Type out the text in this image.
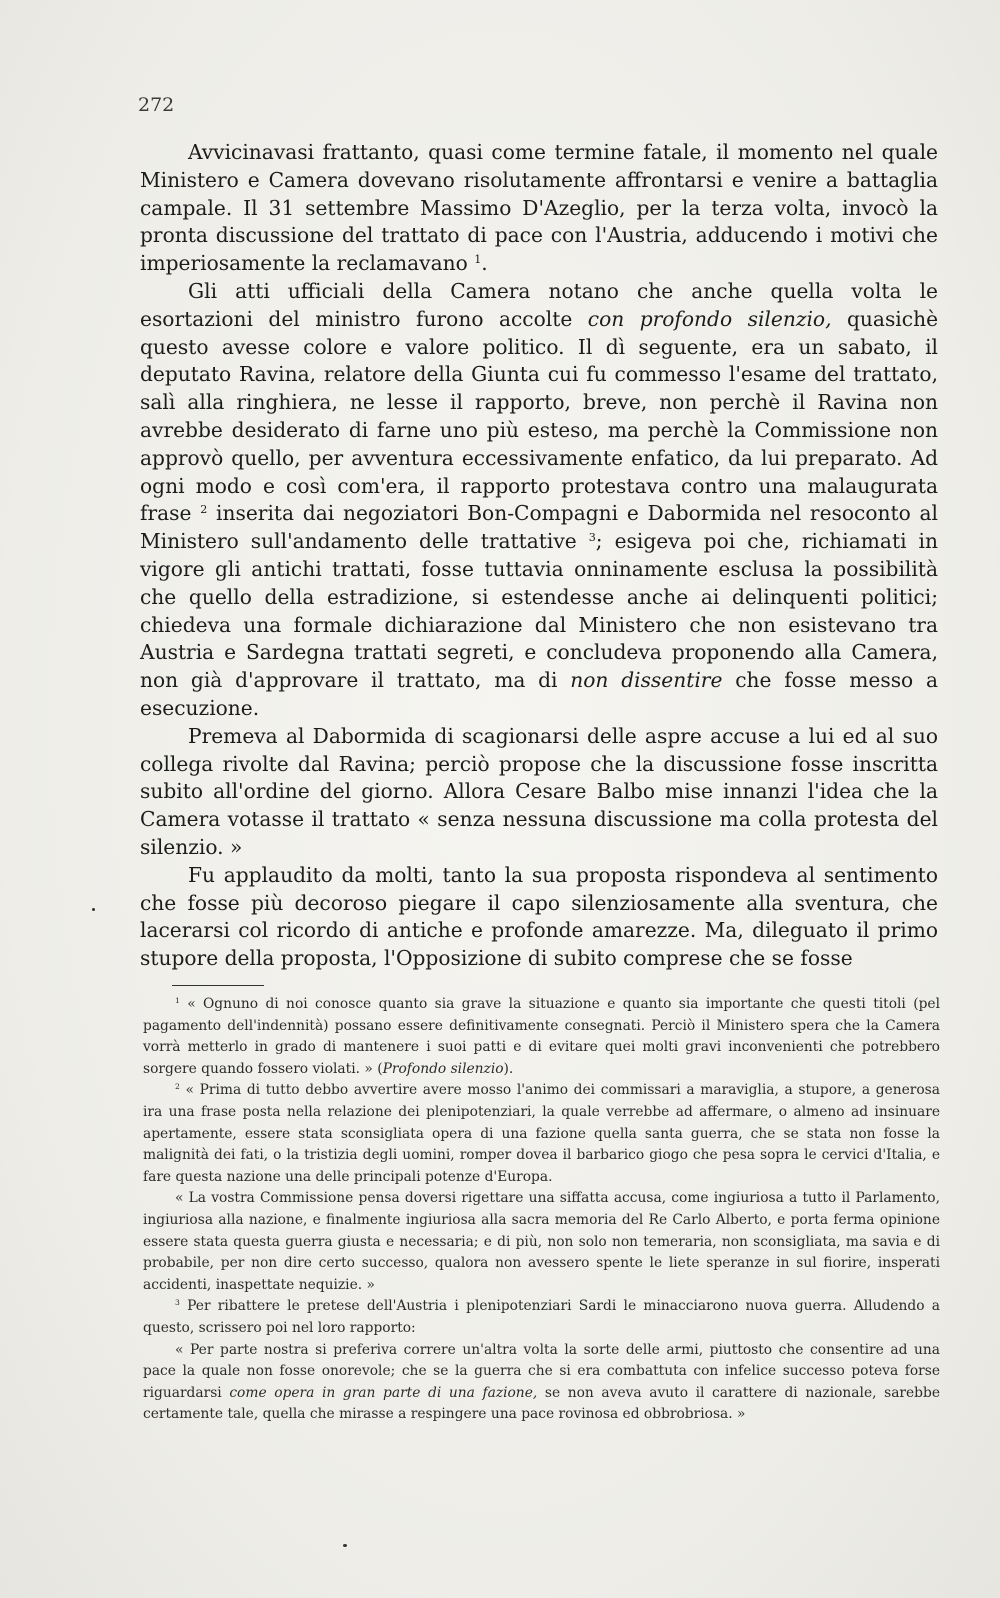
272

Avvicinavasi frattanto, quasi come termine fatale, il momento nel quale Ministero e Camera dovevano risolutamente affrontarsi e venire a battaglia campale. Il 31 settembre Massimo D'Azeglio, per la terza volta, invocò la pronta discussione del trattato di pace con l'Austria, adducendo i motivi che imperiosamente la reclamavano $^1$.

Gli atti ufficiali della Camera notano che anche quella volta le esortazioni del ministro furono accolte con profondo silenzio, quasichè questo avesse colore e valore politico. Il dì seguente, era un sabato, il deputato Ravina, relatore della Giunta cui fu commesso l'esame del trattato, salì alla ringhiera, ne lesse il rapporto, breve, non perchè il Ravina non avrebbe desiderato di farne uno più esteso, ma perchè la Commissione non approvò quello, per avventura eccessivamente enfatico, da lui preparato. Ad ogni modo e così com'era, il rapporto protestava contro una malaugurata frase $^2$ inserita dai negoziatori Bon-Compagni e Dabormida nel resoconto al Ministero sull'andamento delle trattative $^3$; esigeva poi che, richiamati in vigore gli antichi trattati, fosse tuttavia onninamente esclusa la possibilità che quello della estradizione, si estendesse anche ai delinquenti politici; chiedeva una formale dichiarazione dal Ministero che non esistevano tra Austria e Sardegna trattati segreti, e concludeva proponendo alla Camera, non già d'approvare il trattato, ma di non dissentire che fosse messo a esecuzione.

Premeva al Dabormida di scagionarsi delle aspre accuse a lui ed al suo collega rivolte dal Ravina; perciò propose che la discussione fosse inscritta subito all'ordine del giorno. Allora Cesare Balbo mise innanzi l'idea che la Camera votasse il trattato « senza nessuna discussione ma colla protesta del silenzio. »

Fu applaudito da molti, tanto la sua proposta rispondeva al sentimento che fosse più decoroso piegare il capo silenziosamente alla sventura, che lacerarsi col ricordo di antiche e profonde amarezze. Ma, dileguato il primo stupore della proposta, l'Opposizione di subito comprese che se fosse

$^1$ « Ognuno di noi conosce quanto sia grave la situazione e quanto sia importante che questi titoli (pel pagamento dell'indennità) possano essere definitivamente consegnati. Perciò il Ministero spera che la Camera vorrà metterlo in grado di mantenere i suoi patti e di evitare quei molti gravi inconvenienti che potrebbero sorgere quando fossero violati. » (Profondo silenzio).

$^2$ « Prima di tutto debbo avvertire avere mosso l'animo dei commissari a maraviglia, a stupore, a generosa ira una frase posta nella relazione dei plenipotenziari, la quale verrebbe ad affermare, o almeno ad insinuare apertamente, essere stata sconsigliata opera di una fazione quella santa guerra, che se stata non fosse la malignità dei fati, o la tristizia degli uomini, romper dovea il barbarico giogo che pesa sopra le cervici d'Italia, e fare questa nazione una delle principali potenze d'Europa.

« La vostra Commissione pensa doversi rigettare una siffatta accusa, come ingiuriosa a tutto il Parlamento, ingiuriosa alla nazione, e finalmente ingiuriosa alla sacra memoria del Re Carlo Alberto, e porta ferma opinione essere stata questa guerra giusta e necessaria; e di più, non solo non temeraria, non sconsigliata, ma savia e di probabile, per non dire certo successo, qualora non avessero spente le liete speranze in sul fiorire, insperati accidenti, inaspettate nequizie. »

$^3$ Per ribattere le pretese dell'Austria i plenipotenziari Sardi le minacciarono nuova guerra. Alludendo a questo, scrissero poi nel loro rapporto:

« Per parte nostra si preferiva correre un'altra volta la sorte delle armi, piuttosto che consentire ad una pace la quale non fosse onorevole; che se la guerra che si era combattuta con infelice successo poteva forse riguardarsi come opera in gran parte di una fazione, se non aveva avuto il carattere di nazionale, sarebbe certamente tale, quella che mirasse a respingere una pace rovinosa ed obbrobriosa. »
